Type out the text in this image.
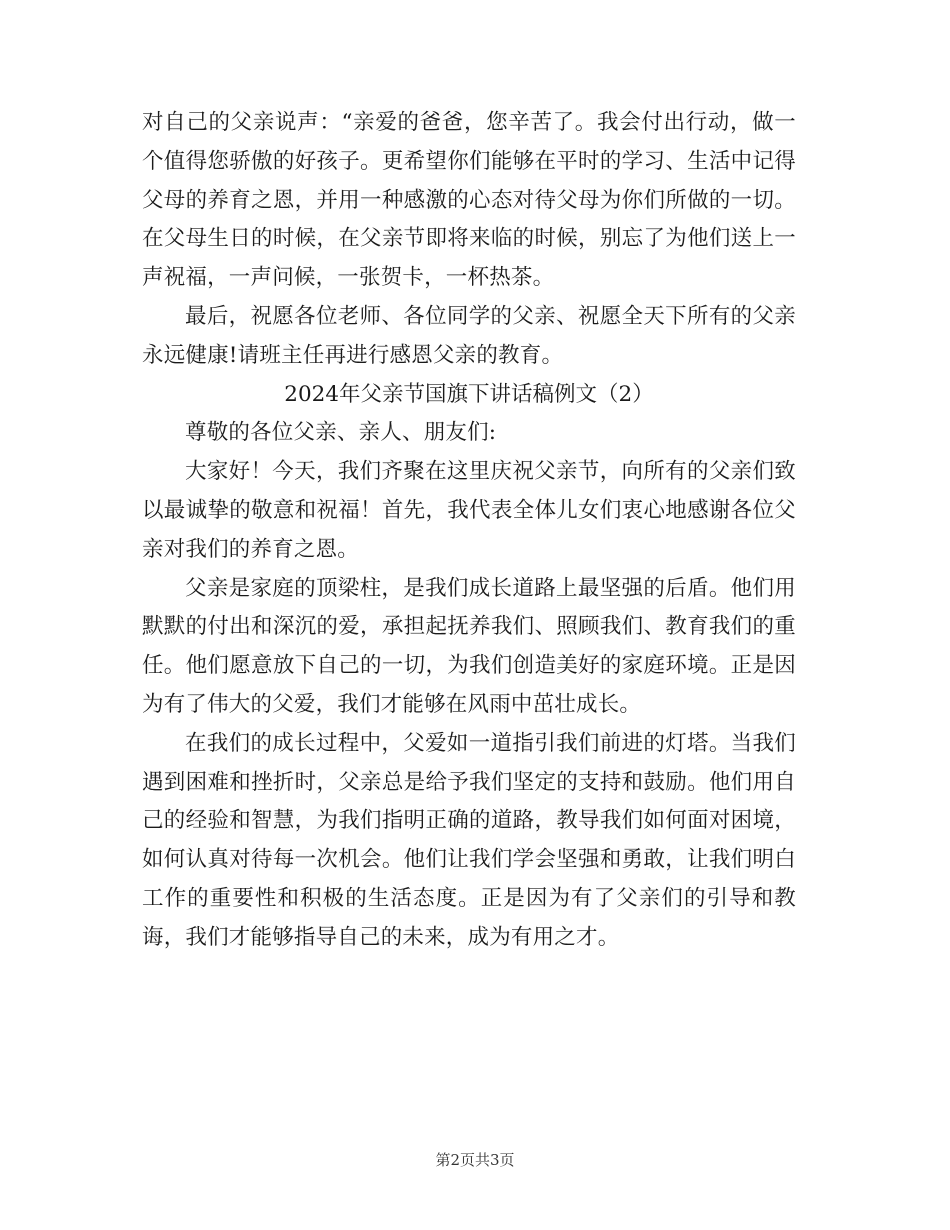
对自己的父亲说声：“亲爱的爸爸，您辛苦了。我会付出行动，做一个值得您骄傲的好孩子。更希望你们能够在平时的学习、生活中记得父母的养育之恩，并用一种感激的心态对待父母为你们所做的一切。在父母生日的时候，在父亲节即将来临的时候，别忘了为他们送上一声祝福，一声问候，一张贺卡，一杯热茶。

最后，祝愿各位老师、各位同学的父亲、祝愿全天下所有的父亲永远健康!请班主任再进行感恩父亲的教育。

2024年父亲节国旗下讲话稿例文（2）

尊敬的各位父亲、亲人、朋友们:

大家好！今天，我们齐聚在这里庆祝父亲节，向所有的父亲们致以最诚挚的敬意和祝福！首先，我代表全体儿女们衷心地感谢各位父亲对我们的养育之恩。

父亲是家庭的顶梁柱，是我们成长道路上最坚强的后盾。他们用默默的付出和深沉的爱，承担起抚养我们、照顾我们、教育我们的重任。他们愿意放下自己的一切，为我们创造美好的家庭环境。正是因为有了伟大的父爱，我们才能够在风雨中茁壮成长。

在我们的成长过程中，父爱如一道指引我们前进的灯塔。当我们遇到困难和挫折时，父亲总是给予我们坚定的支持和鼓励。他们用自己的经验和智慧，为我们指明正确的道路，教导我们如何面对困境，如何认真对待每一次机会。他们让我们学会坚强和勇敢，让我们明白工作的重要性和积极的生活态度。正是因为有了父亲们的引导和教诲，我们才能够指导自己的未来，成为有用之才。

第2页共3页
